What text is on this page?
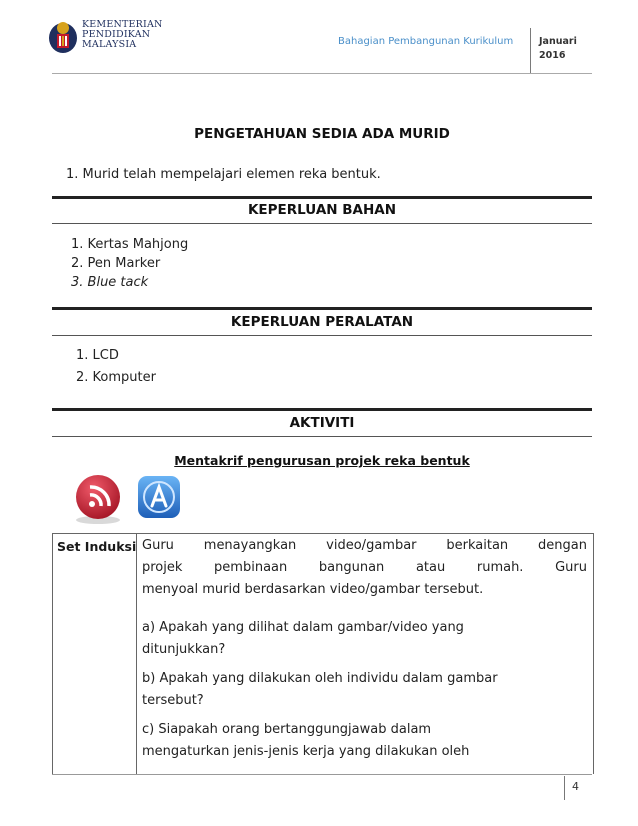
KEMENTERIAN
PENDIDIKAN
MALAYSIA	Bahagian Pembangunan Kurikulum	Januari
2016
PENGETAHUAN SEDIA ADA MURID
1. Murid telah mempelajari elemen reka bentuk.
KEPERLUAN BAHAN
1. Kertas Mahjong
2. Pen Marker
3. Blue tack
KEPERLUAN PERALATAN
1. LCD
2. Komputer
AKTIVITI
Mentakrif pengurusan projek reka bentuk
Set Induksi Guru menayangkan video/gambar berkaitan dengan
projek pembinaan bangunan atau rumah. Guru
menyoal murid berdasarkan video/gambar tersebut.
a) Apakah yang dilihat dalam gambar/video yang
ditunjukkan?
b) Apakah yang dilakukan oleh individu dalam gambar
tersebut?
c) Siapakah orang bertanggungjawab dalam
mengaturkan jenis-jenis kerja yang dilakukan oleh
4
